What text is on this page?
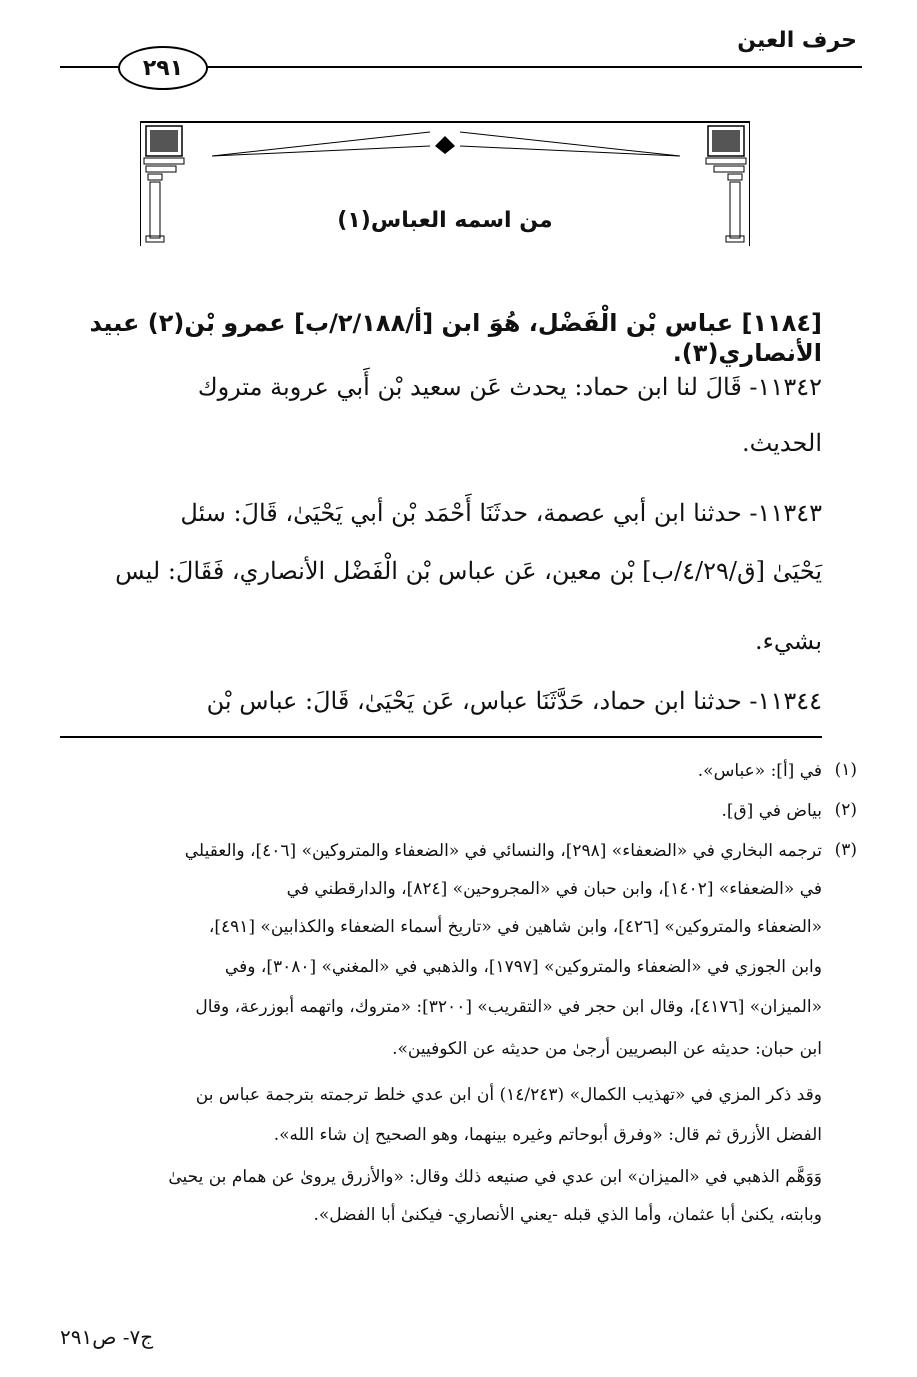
حرف العين
٢٩١
من اسمه العباس(١)
[١١٨٤] عباس بْن الْفَضْل، هُوَ ابن [أ/٢/١٨٨/ب] عمرو بْن(٢) عبيد الأنصاري(٣).
١١٣٤٢- قَالَ لنا ابن حماد: يحدث عَن سعيد بْن أَبي عروبة متروك
الحديث.
١١٣٤٣- حدثنا ابن أبي عصمة، حدثَنَا أَحْمَد بْن أبي يَحْيَىٰ، قَالَ: سئل
يَحْيَىٰ [ق/٤/٢٩/ب] بْن معين، عَن عباس بْن الْفَضْل الأنصاري، فَقَالَ: ليس
بشيء.
١١٣٤٤- حدثنا ابن حماد، حَدَّثَنَا عباس، عَن يَحْيَىٰ، قَالَ: عباس بْن
(١)
في [أ]: «عباس».
(٢)
بياض في [ق].
(٣)
ترجمه البخاري في «الضعفاء» [٢٩٨]، والنسائي في «الضعفاء والمتروكين» [٤٠٦]، والعقيلي
في «الضعفاء» [١٤٠٢]، وابن حبان في «المجروحين» [٨٢٤]، والدارقطني في
«الضعفاء والمتروكين» [٤٢٦]، وابن شاهين في «تاريخ أسماء الضعفاء والكذابين» [٤٩١]،
وابن الجوزي في «الضعفاء والمتروكين» [١٧٩٧]، والذهبي في «المغني» [٣٠٨٠]، وفي
«الميزان» [٤١٧٦]، وقال ابن حجر في «التقريب» [٣٢٠٠]: «متروك، واتهمه أبوزرعة، وقال
ابن حبان: حديثه عن البصريين أرجىٰ من حديثه عن الكوفيين».
وقد ذكر المزي في «تهذيب الكمال» (١٤/٢٤٣) أن ابن عدي خلط ترجمته بترجمة عباس بن
الفضل الأزرق ثم قال: «وفرق أبوحاتم وغيره بينهما، وهو الصحيح إن شاء الله».
وَوَهَّم الذهبي في «الميزان» ابن عدي في صنيعه ذلك وقال: «والأزرق يروىٰ عن همام بن يحيىٰ
وبابته، يكنىٰ أبا عثمان، وأما الذي قبله -يعني الأنصاري- فيكنىٰ أبا الفضل».
ج٧- ص٢٩١
